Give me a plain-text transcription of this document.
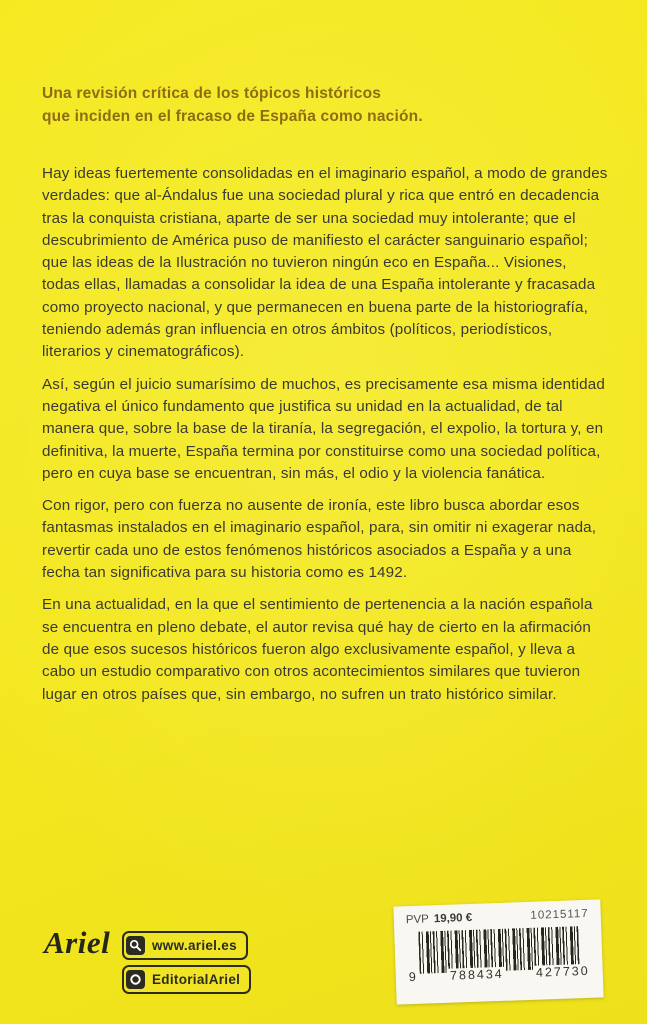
Una revisión crítica de los tópicos históricos
que inciden en el fracaso de España como nación.

Hay ideas fuertemente consolidadas en el imaginario español, a modo de grandes verdades: que al-Ándalus fue una sociedad plural y rica que entró en decadencia tras la conquista cristiana, aparte de ser una sociedad muy intolerante; que el descubrimiento de América puso de manifiesto el carácter sanguinario español; que las ideas de la Ilustración no tuvieron ningún eco en España... Visiones, todas ellas, llamadas a consolidar la idea de una España intolerante y fracasada como proyecto nacional, y que permanecen en buena parte de la historiografía, teniendo además gran influencia en otros ámbitos (políticos, periodísticos, literarios y cinematográficos).

Así, según el juicio sumarísimo de muchos, es precisamente esa misma identidad negativa el único fundamento que justifica su unidad en la actualidad, de tal manera que, sobre la base de la tiranía, la segregación, el expolio, la tortura y, en definitiva, la muerte, España termina por constituirse como una sociedad política, pero en cuya base se encuentran, sin más, el odio y la violencia fanática.

Con rigor, pero con fuerza no ausente de ironía, este libro busca abordar esos fantasmas instalados en el imaginario español, para, sin omitir ni exagerar nada, revertir cada uno de estos fenómenos históricos asociados a España y a una fecha tan significativa para su historia como es 1492.

En una actualidad, en la que el sentimiento de pertenencia a la nación española se encuentra en pleno debate, el autor revisa qué hay de cierto en la afirmación de que esos sucesos históricos fueron algo exclusivamente español, y lleva a cabo un estudio comparativo con otros acontecimientos similares que tuvieron lugar en otros países que, sin embargo, no sufren un trato histórico similar.

Ariel	www.ariel.es
EditorialAriel
PVP 19,90 €	10215117
9	788434	427730
